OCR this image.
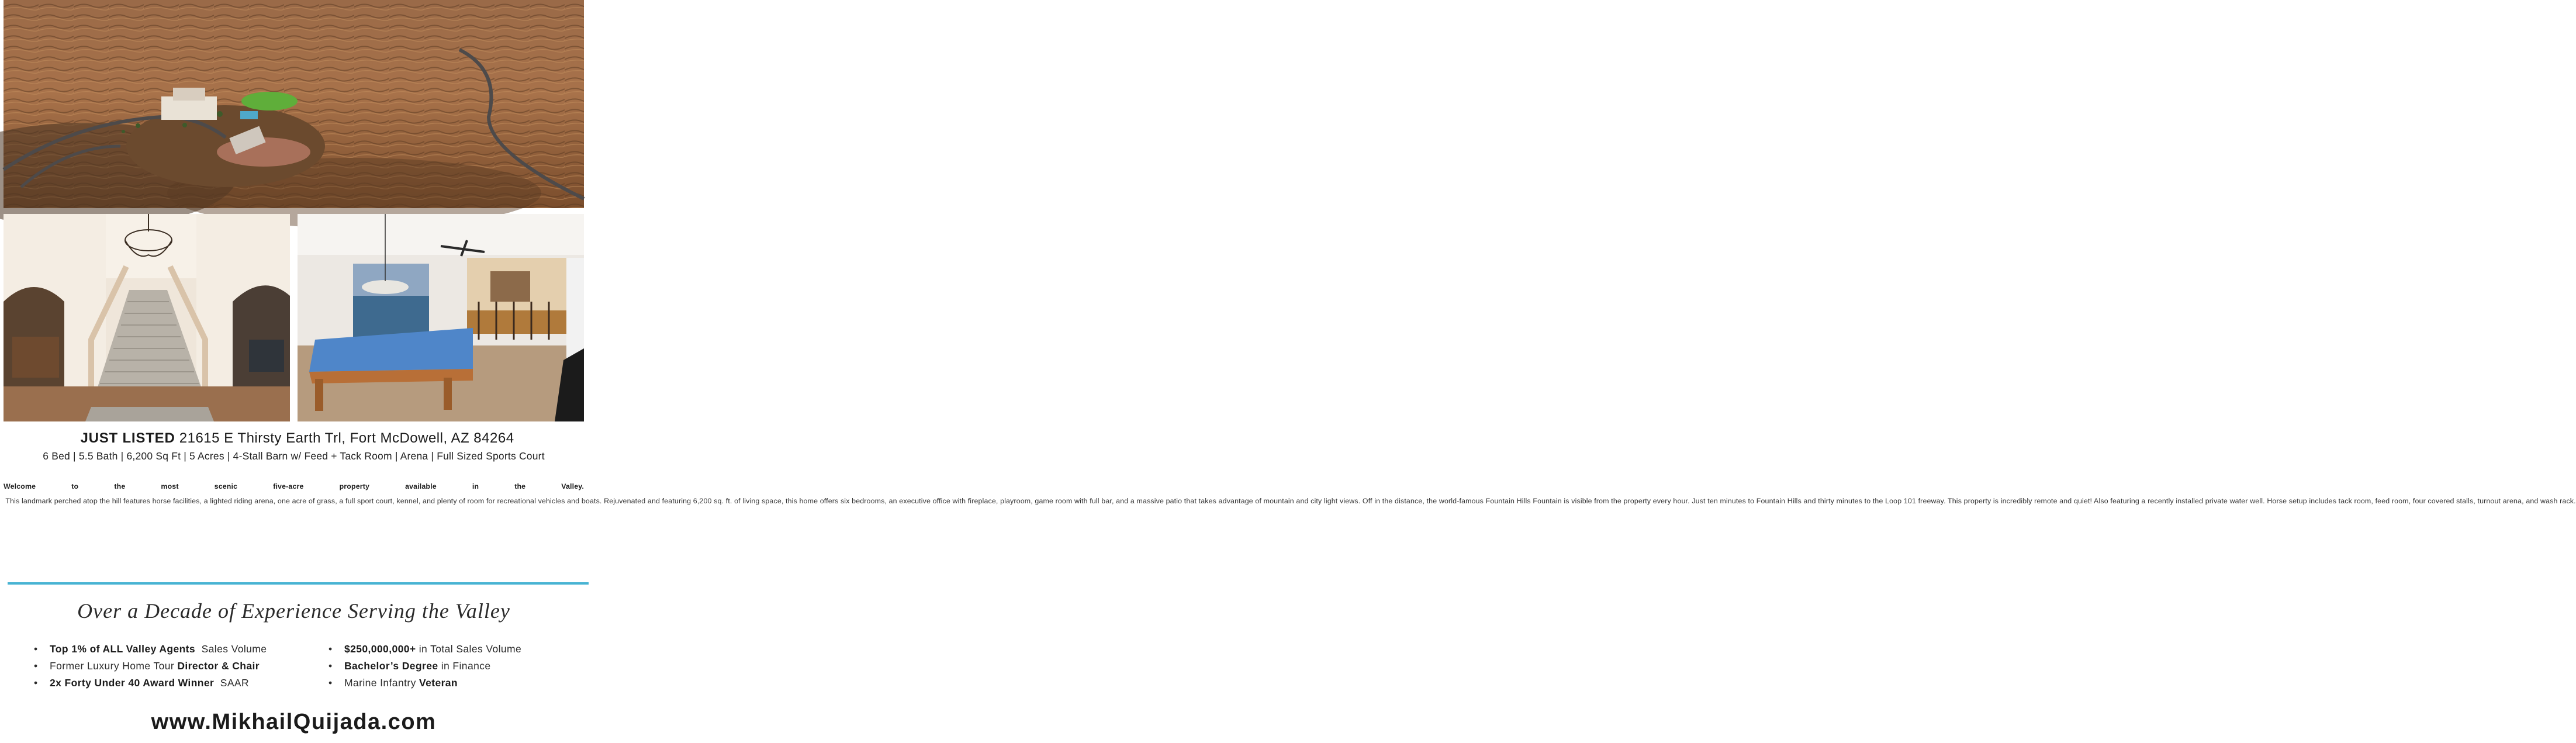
JUST LISTED 21615 E Thirsty Earth Trl, Fort McDowell, AZ 84264
6 Bed | 5.5 Bath | 6,200 Sq Ft | 5 Acres | 4-Stall Barn w/ Feed + Tack Room | Arena | Full Sized Sports Court
Welcome to the most scenic five-acre property available in the Valley. This landmark perched atop the hill features horse facilities, a lighted riding arena, one acre of grass, a full sport court, kennel, and plenty of room for recreational vehicles and boats. Rejuvenated and featuring 6,200 sq. ft. of living space, this home offers six bedrooms, an executive office with fireplace, playroom, game room with full bar, and a massive patio that takes advantage of mountain and city light views. Off in the distance, the world-famous Fountain Hills Fountain is visible from the property every hour. Just ten minutes to Fountain Hills and thirty minutes to the Loop 101 freeway. This property is incredibly remote and quiet! Also featuring a recently installed private water well. Horse setup includes tack room, feed room, four covered stalls, turnout arena, and wash rack.
Over a Decade of Experience Serving the Valley
• Top 1% of ALL Valley Agents  Sales Volume
• Former Luxury Home Tour Director & Chair
• 2x Forty Under 40 Award Winner  SAAR
• $250,000,000+ in Total Sales Volume
• Bachelor’s Degree in Finance
• Marine Infantry Veteran
www.MikhailQuijada.com
